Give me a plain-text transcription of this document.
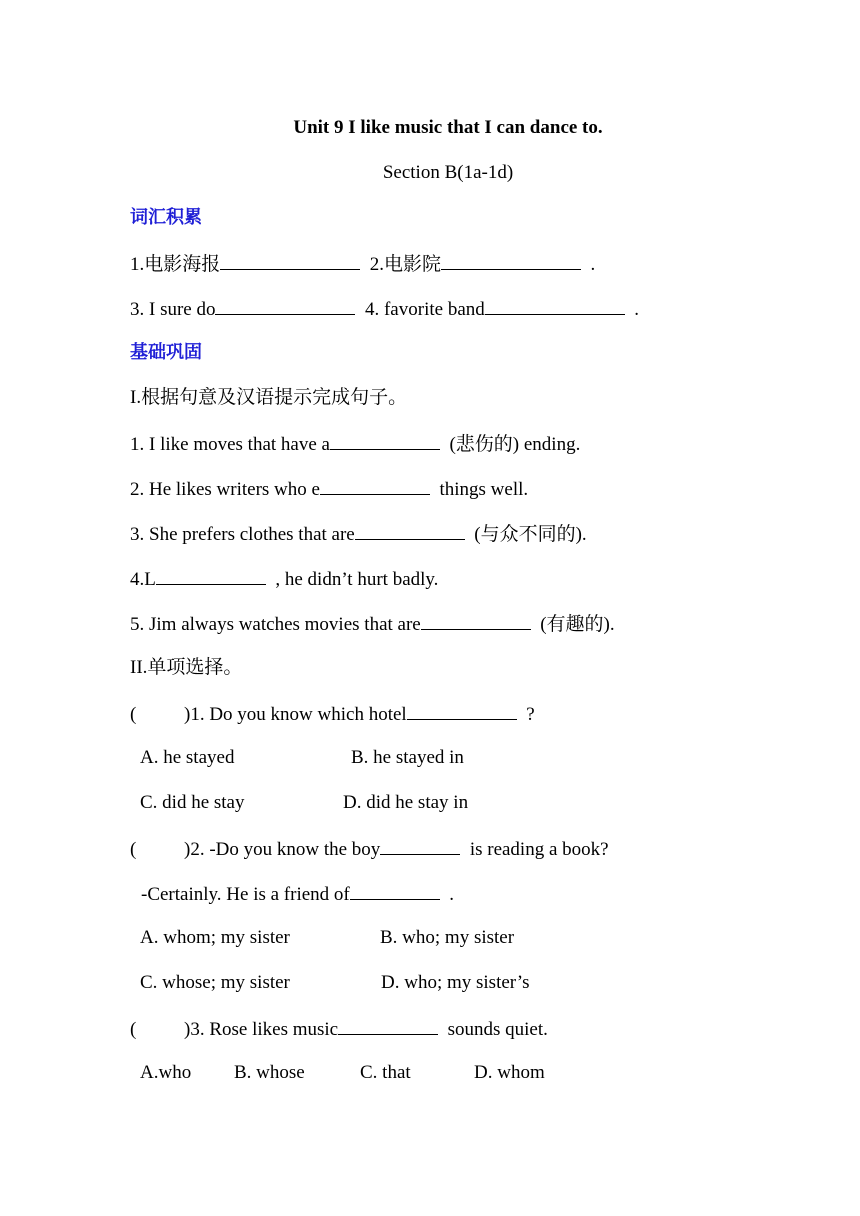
Unit 9 I like music that I can dance to.
Section B(1a-1d)
词汇积累
1.电影海报	2.电影院	.
3. I sure do	4. favorite band	.
基础巩固
I.根据句意及汉语提示完成句子。
1. I like moves that have a	(悲伤的) ending.
2. He likes writers who e	things well.
3. She prefers clothes that are	(与众不同的).
4.L	, he didn’t hurt badly.
5. Jim always watches movies that are	(有趣的).
II.单项选择。
(	)1. Do you know which hotel	?
A. he stayed	B. he stayed in
C. did he stay	D. did he stay in
(	)2. -Do you know the boy	is reading a book?
-Certainly. He is a friend of	.
A. whom; my sister	B. who; my sister
C. whose; my sister	D. who; my sister’s
(	)3. Rose likes music	sounds quiet.
A.who B. whose	C. that	D. whom
